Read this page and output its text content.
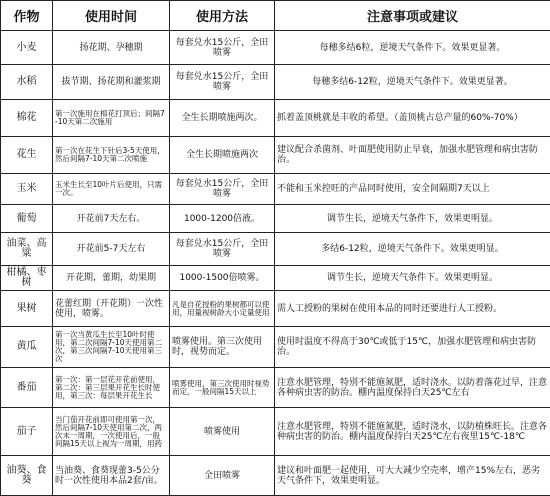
作物	使用时间	使用方法	注意事项或建议
小麦	扬花期、孕穗期	每套兑水15公斤，全田喷雾	每穗多结6粒，逆境天气条件下。效果更显著。
水稻	拔节期、扬花期和灌浆期	每套兑水15公斤，全田喷雾	每穗多结6-12粒，逆境天气条件下。效果更显著。
棉花	第一次施用在棉花打顶后；间隔7-10天第二次施用	全生长期喷施两次。	抓着盖顶桃就是丰收的希望。（盖顶桃占总产量的60%-70%）
花生	第一次在花生下针后3-5天使用，然后间隔7-10天第二次喷施	全生长期喷施两次	建议配合杀菌剂、叶面肥使用防止早衰，加强水肥管理和病虫害防治。
玉米	玉米生长至10叶片后使用，只需一次。	每套兑水15公斤，全田喷雾	不能和玉米控旺的产品同时使用，安全间隔期7天以上
葡萄	开花前7天左右。	1000-1200倍液。	调节生长，逆境天气条件下，效果更明显。
油菜、高粱	开花前5-7天左右	每套兑水15公斤，全田喷雾	多结6-12粒，逆境天气条件下。效果更明显。
柑橘、枣树	开花期，蕾期，幼果期	1000-1500倍喷雾。	调节生长，逆境天气条件下。效果更明显。
果树	花蕾红期（开花期）一次性使用，喷雾。	凡是自花授粉的果树都可以使用，用量视树龄大小定量使用	需人工授粉的果树在使用本品的同时还要进行人工授粉。
黄瓜	第一次当黄瓜生长至10叶时使用，第二次间隔7-10天使用第二次，第三次间隔7-10天使用第三次	喷雾使用。第三次使用时，视势而定。	使用时温度不得高于30℃或低于15℃，加强水肥管理和病虫害防治。
番茄	第一次：第一层花开花前使用，第二次：第三层果开花生长时使用，第三次：每层果开花生长	喷雾使用，第三次使用时视势而定，一般间隔15天以上	注意水肥管理，特别不能施氮肥，适时浇水。以防着落花过早，注意各种病虫害的防治。棚内温度保持白天25℃左右
茄子	当门茄开花前即可使用第一次，然后间隔7-10天使用第二次，两次未一周期，一次使用后，一般间隔15天以上视为一周期，用药	喷雾使用	注意水肥管理，特别不能施氮肥，适时浇水，以防植株旺长。注意各种病虫害的防治。棚内温度保持白天25℃左右夜里15℃-18℃
油葵、食葵	当油葵、食葵现蕾3-5公分时一次性使用本品2套/亩。	全田喷雾	建议和叶面肥一起使用，可大大减少空壳率，增产15%左右，恶劣天气条件下，效果更明显。
